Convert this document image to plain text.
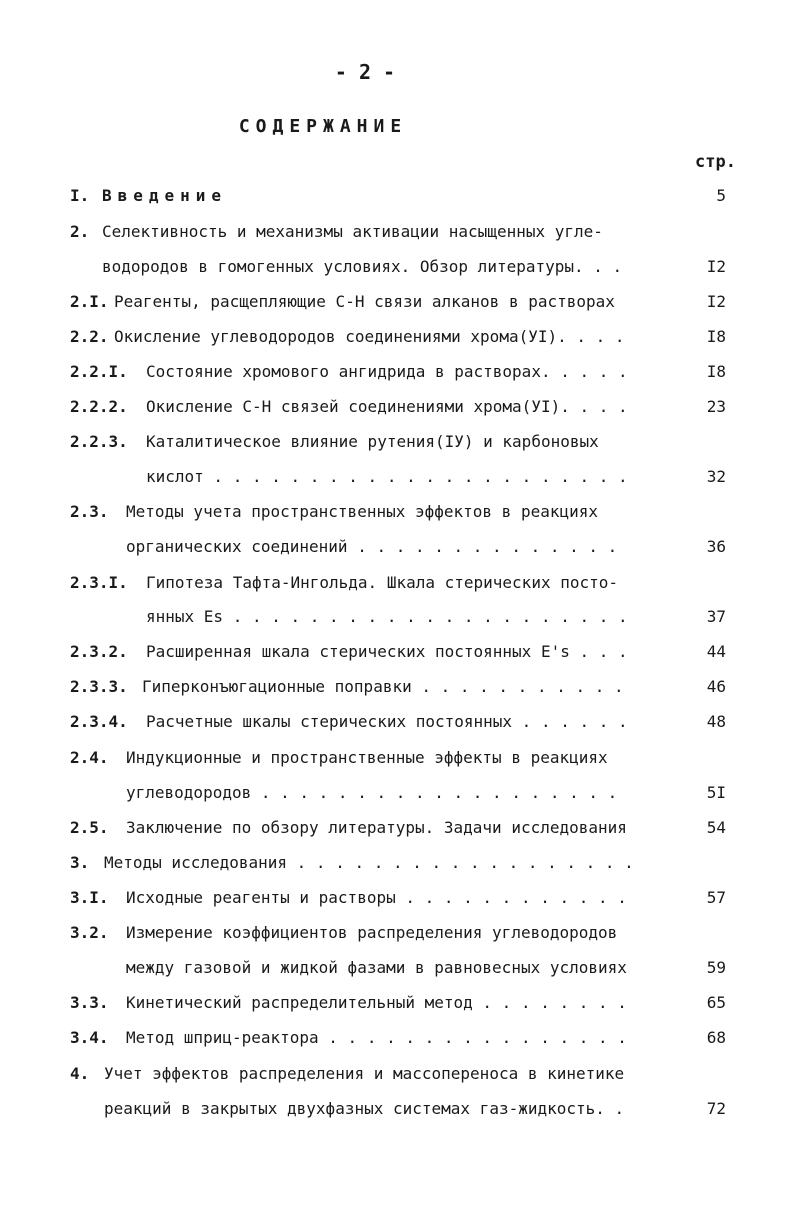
- 2 -
СОДЕРЖАНИЕ
стр.
I. Введение	5
2. Селективность и механизмы активации насыщенных угле-
водородов в гомогенных условиях. Обзор литературы. . .	I2
2.I. Реагенты, расщепляющие С-Н связи алканов в растворах	I2
2.2. Окисление углеводородов соединениями хрома(УI). . . .	I8
2.2.I. Состояние хромового ангидрида в растворах. . . . .	I8
2.2.2. Окисление С-Н связей соединениями хрома(УI). . . .	23
2.2.3. Каталитическое влияние рутения(IУ) и карбоновых
кислот . . . . . . . . . . . . . . . . . . . . . .	32
2.3. Методы учета пространственных эффектов в реакциях
органических соединений . . . . . . . . . . . . . .	36
2.3.I. Гипотеза Тафта-Ингольда. Шкала стерических посто-
янных Es . . . . . . . . . . . . . . . . . . . . .	37
2.3.2. Расширенная шкала стерических постоянных E's . . .	44
2.3.3. Гиперконъюгационные поправки . . . . . . . . . . .	46
2.3.4. Расчетные шкалы стерических постоянных . . . . . .	48
2.4. Индукционные и пространственные эффекты в реакциях
углеводородов . . . . . . . . . . . . . . . . . . .	5I
2.5. Заключение по обзору литературы. Задачи исследования	54
3. Методы исследования . . . . . . . . . . . . . . . . . .
3.I. Исходные реагенты и растворы . . . . . . . . . . . .	57
3.2. Измерение коэффициентов распределения углеводородов
между газовой и жидкой фазами в равновесных условиях	59
3.3. Кинетический распределительный метод . . . . . . . .	65
3.4. Метод шприц-реактора . . . . . . . . . . . . . . . .	68
4. Учет эффектов распределения и массопереноса в кинетике
реакций в закрытых двухфазных системах газ-жидкость. .	72
